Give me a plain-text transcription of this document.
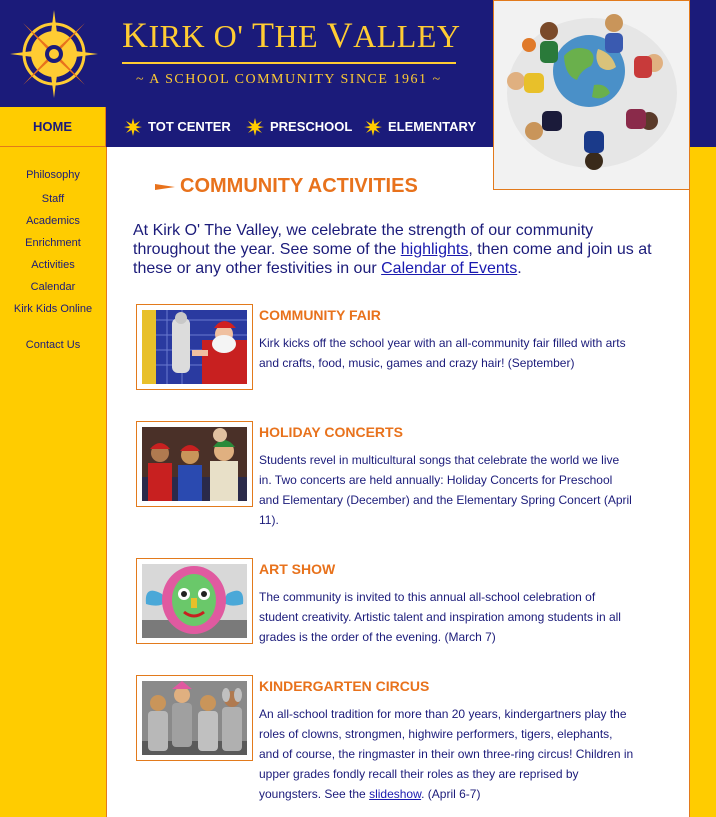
KIRK O' THE VALLEY
~ A SCHOOL COMMUNITY SINCE 1961 ~
HOME	TOT CENTER	PRESCHOOL	ELEMENTARY
Philosophy
Staff
Academics
Enrichment
Activities
Calendar
Kirk Kids Online
Contact Us
COMMUNITY ACTIVITIES
At Kirk O' The Valley, we celebrate the strength of our community throughout the year. See some of the highlights, then come and join us at these or any other festivities in our Calendar of Events.
COMMUNITY FAIR
Kirk kicks off the school year with an all-community fair filled with arts and crafts, food, music, games and crazy hair! (September)
HOLIDAY CONCERTS
Students revel in multicultural songs that celebrate the world we live in. Two concerts are held annually: Holiday Concerts for Preschool and Elementary (December) and the Elementary Spring Concert (April 11).
ART SHOW
The community is invited to this annual all-school celebration of student creativity. Artistic talent and inspiration among students in all grades is the order of the evening. (March 7)
KINDERGARTEN CIRCUS
An all-school tradition for more than 20 years, kindergartners play the roles of clowns, strongmen, highwire performers, tigers, elephants, and of course, the ringmaster in their own three-ring circus! Children in upper grades fondly recall their roles as they are reprised by youngsters. See the slideshow. (April 6-7)
